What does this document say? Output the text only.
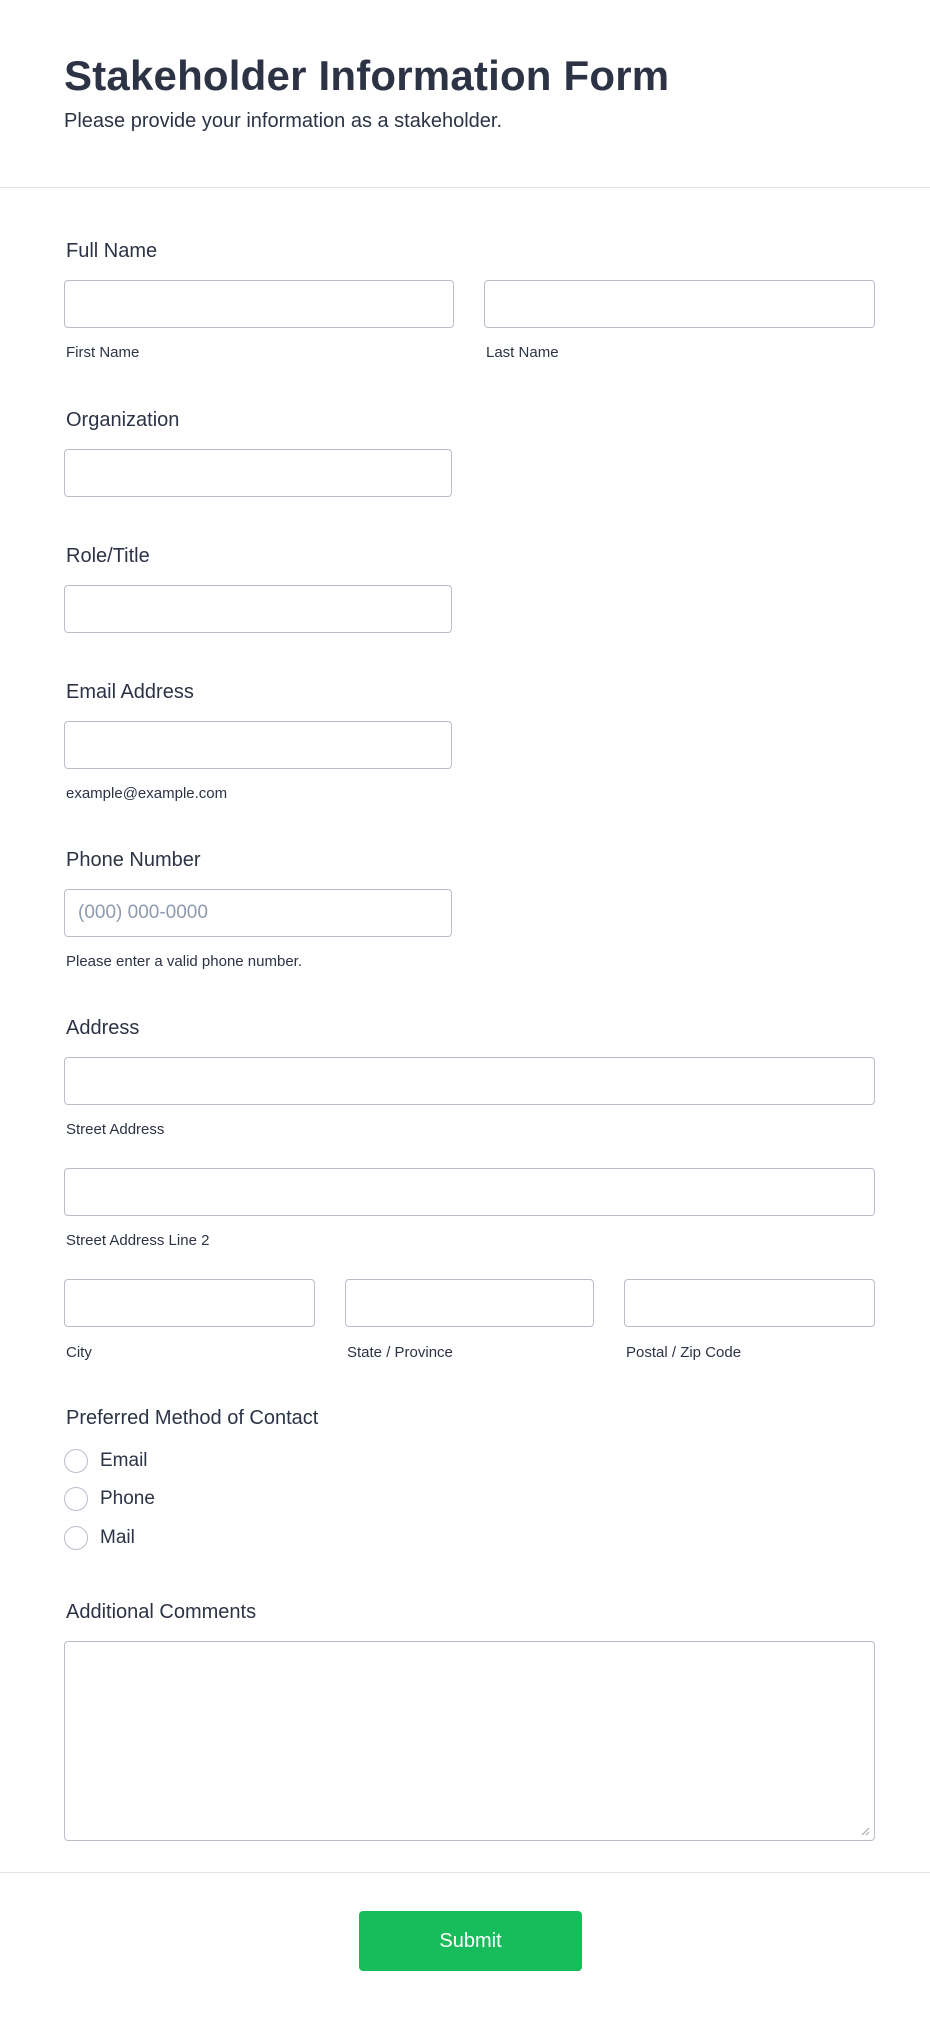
Stakeholder Information Form

Please provide your information as a stakeholder.

Full Name
First Name	Last Name
Organization
Role/Title
Email Address
example@example.com
Phone Number
(000) 000-0000
Please enter a valid phone number.
Address
Street Address
Street Address Line 2
City	State / Province	Postal / Zip Code
Preferred Method of Contact
Email
Phone
Mail
Additional Comments
Submit
